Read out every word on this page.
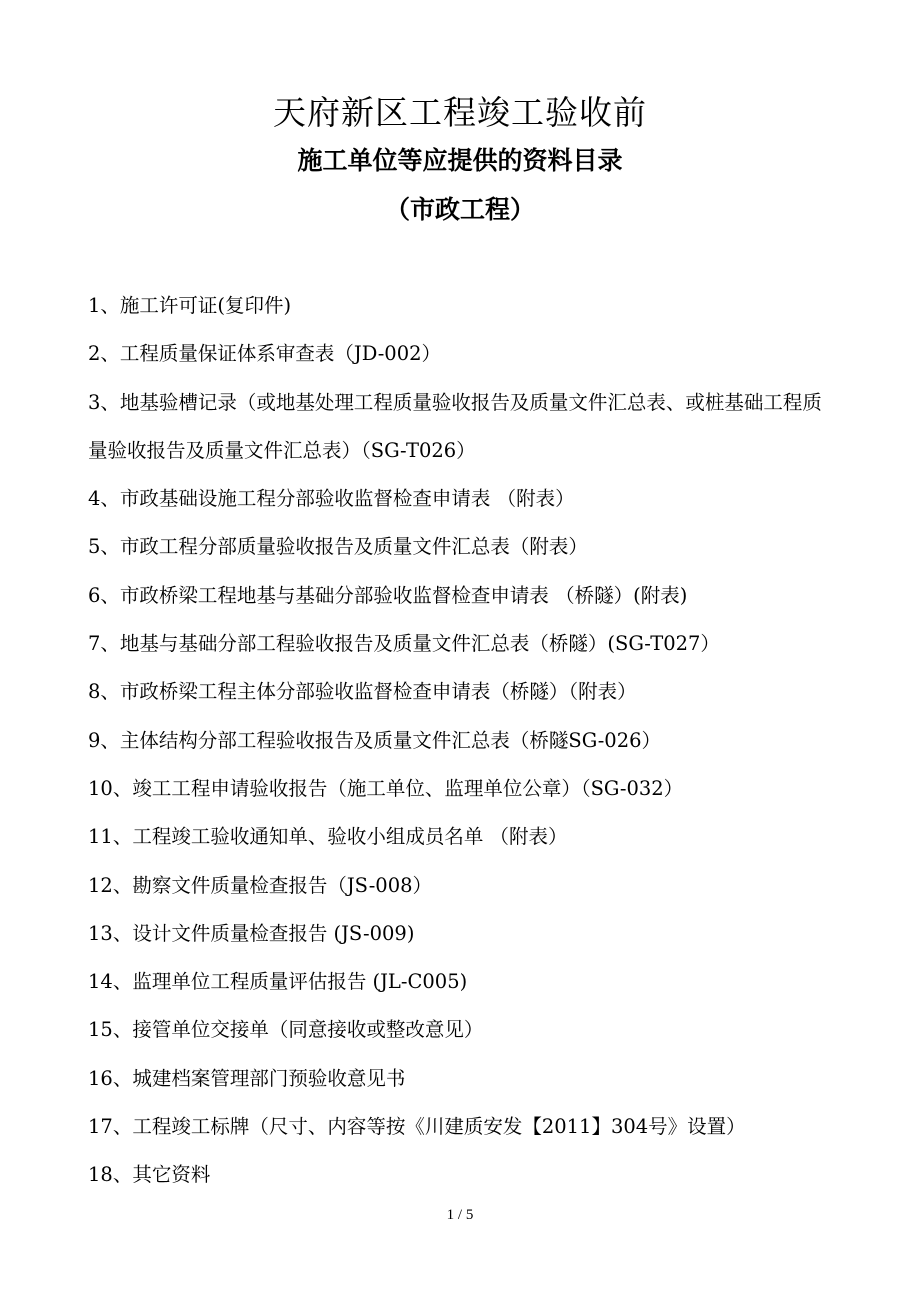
天府新区工程竣工验收前
施工单位等应提供的资料目录
（市政工程）
1、施工许可证(复印件)
2、工程质量保证体系审查表（JD-002）
3、地基验槽记录（或地基处理工程质量验收报告及质量文件汇总表、或桩基础工程质量验收报告及质量文件汇总表）（SG-T026）
4、市政基础设施工程分部验收监督检查申请表 （附表）
5、市政工程分部质量验收报告及质量文件汇总表（附表）
6、市政桥梁工程地基与基础分部验收监督检查申请表 （桥隧）(附表)
7、地基与基础分部工程验收报告及质量文件汇总表（桥隧）(SG-T027）
8、市政桥梁工程主体分部验收监督检查申请表（桥隧）（附表）
9、主体结构分部工程验收报告及质量文件汇总表（桥隧SG-026）
10、竣工工程申请验收报告（施工单位、监理单位公章）（SG-032）
11、工程竣工验收通知单、验收小组成员名单 （附表）
12、勘察文件质量检查报告（JS-008）
13、设计文件质量检查报告 (JS-009)
14、监理单位工程质量评估报告 (JL-C005)
15、接管单位交接单（同意接收或整改意见）
16、城建档案管理部门预验收意见书
17、工程竣工标牌（尺寸、内容等按《川建质安发【2011】304号》设置）
18、其它资料
1 / 5
